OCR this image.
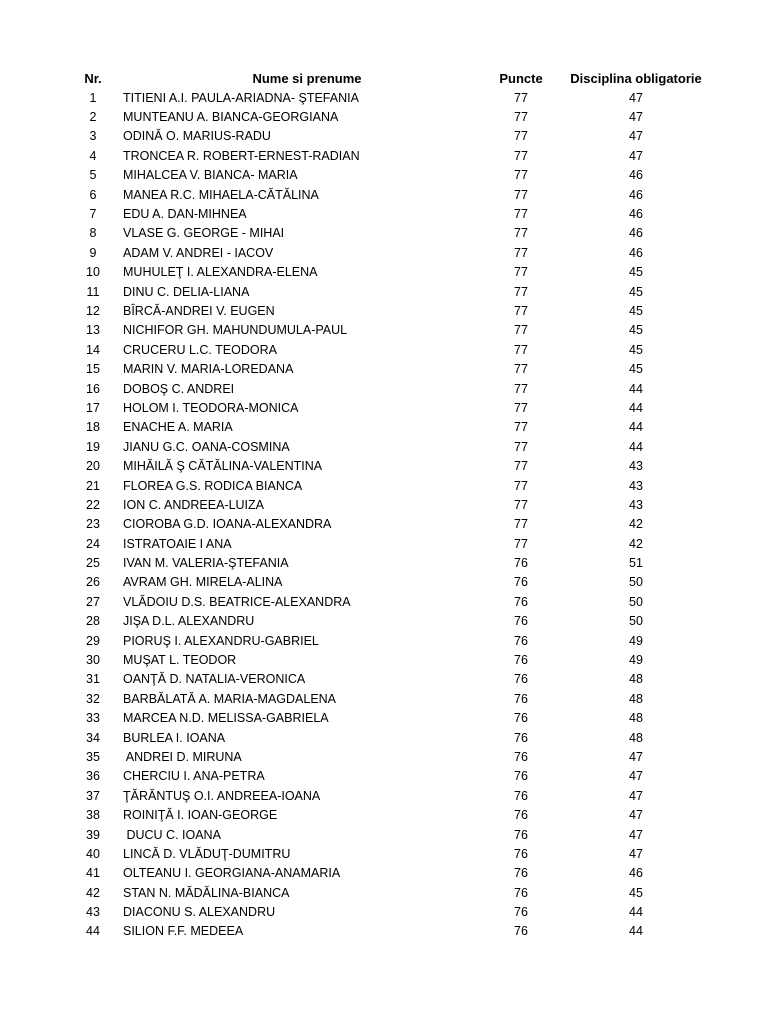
Nr.	Nume si prenume	Puncte	Disciplina obligatorie
1	TITIENI A.I. PAULA-ARIADNA- ŞTEFANIA	77	47
2	MUNTEANU A. BIANCA-GEORGIANA	77	47
3	ODINĂ O. MARIUS-RADU	77	47
4	TRONCEA R. ROBERT-ERNEST-RADIAN	77	47
5	MIHALCEA V. BIANCA- MARIA	77	46
6	MANEA R.C. MIHAELA-CĂTĂLINA	77	46
7	EDU A. DAN-MIHNEA	77	46
8	VLASE G. GEORGE - MIHAI	77	46
9	ADAM V. ANDREI - IACOV	77	46
10	MUHULEŢ I. ALEXANDRA-ELENA	77	45
11	DINU C. DELIA-LIANA	77	45
12	BÎRCĂ-ANDREI V. EUGEN	77	45
13	NICHIFOR GH. MAHUNDUMULA-PAUL	77	45
14	CRUCERU L.C. TEODORA	77	45
15	MARIN V. MARIA-LOREDANA	77	45
16	DOBOŞ C. ANDREI	77	44
17	HOLOM I. TEODORA-MONICA	77	44
18	ENACHE A. MARIA	77	44
19	JIANU G.C. OANA-COSMINA	77	44
20	MIHĂILĂ Ş CĂTĂLINA-VALENTINA	77	43
21	FLOREA G.S. RODICA BIANCA	77	43
22	ION C. ANDREEA-LUIZA	77	43
23	CIOROBA G.D. IOANA-ALEXANDRA	77	42
24	ISTRATOAIE I ANA	77	42
25	IVAN M. VALERIA-ŞTEFANIA	76	51
26	AVRAM GH. MIRELA-ALINA	76	50
27	VLĂDOIU D.S. BEATRICE-ALEXANDRA	76	50
28	JIŞA D.L. ALEXANDRU	76	50
29	PIORUŞ I. ALEXANDRU-GABRIEL	76	49
30	MUŞAT L. TEODOR	76	49
31	OANŢĂ D. NATALIA-VERONICA	76	48
32	BARBĂLATĂ A. MARIA-MAGDALENA	76	48
33	MARCEA N.D. MELISSA-GABRIELA	76	48
34	BURLEA I. IOANA	76	48
35	ANDREI D. MIRUNA	76	47
36	CHERCIU I. ANA-PETRA	76	47
37	ŢĂRĂNTUŞ O.I. ANDREEA-IOANA	76	47
38	ROINIŢĂ I. IOAN-GEORGE	76	47
39	DUCU C. IOANA	76	47
40	LINCĂ D. VLĂDUŢ-DUMITRU	76	47
41	OLTEANU I. GEORGIANA-ANAMARIA	76	46
42	STAN N. MĂDĂLINA-BIANCA	76	45
43	DIACONU S. ALEXANDRU	76	44
44	SILION F.F. MEDEEA	76	44
